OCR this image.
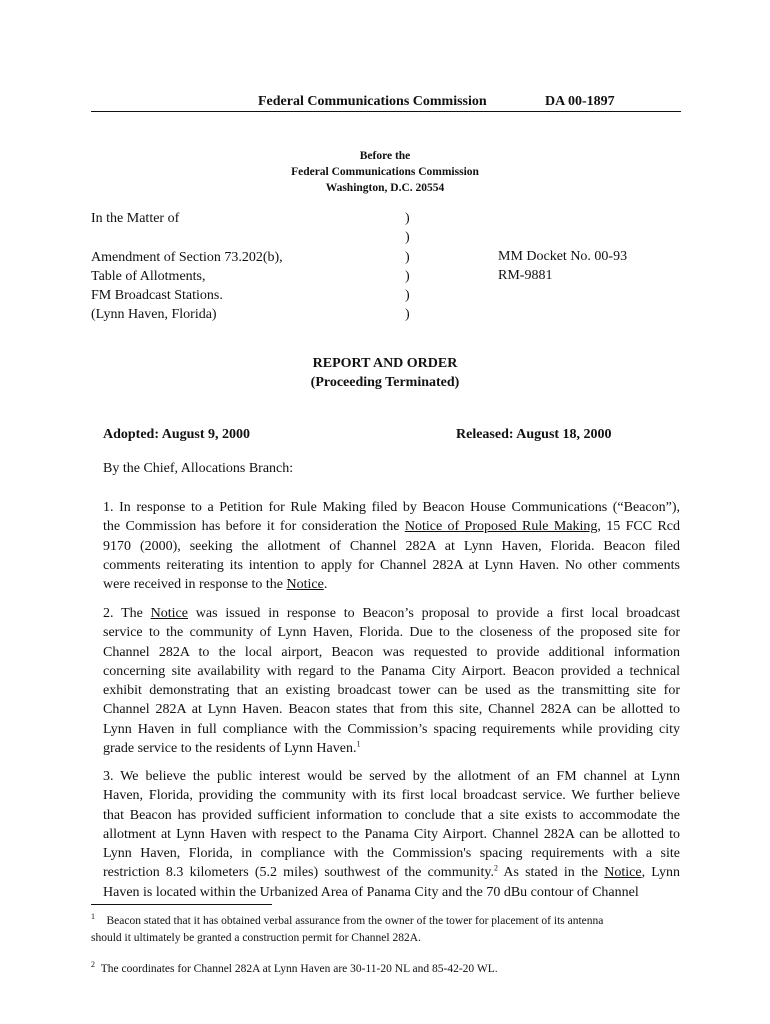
Federal Communications Commission	DA 00-1897
Before the
Federal Communications Commission
Washington, D.C. 20554
In the Matter of
Amendment of Section 73.202(b),
Table of Allotments,
FM Broadcast Stations.
(Lynn Haven, Florida)
)
)
)
)
)
)
MM Docket No. 00-93
RM-9881
REPORT AND ORDER
(Proceeding Terminated)
Adopted: August 9, 2000	Released: August 18, 2000
By the Chief, Allocations Branch:
1. In response to a Petition for Rule Making filed by Beacon House Communications (“Beacon”),
the Commission has before it for consideration the Notice of Proposed Rule Making, 15 FCC Rcd
9170 (2000), seeking the allotment of Channel 282A at Lynn Haven, Florida. Beacon filed
comments reiterating its intention to apply for Channel 282A at Lynn Haven. No other comments
were received in response to the Notice.
2. The Notice was issued in response to Beacon’s proposal to provide a first local broadcast
service to the community of Lynn Haven, Florida. Due to the closeness of the proposed site for
Channel 282A to the local airport, Beacon was requested to provide additional information
concerning site availability with regard to the Panama City Airport. Beacon provided a technical
exhibit demonstrating that an existing broadcast tower can be used as the transmitting site for
Channel 282A at Lynn Haven. Beacon states that from this site, Channel 282A can be allotted to
Lynn Haven in full compliance with the Commission’s spacing requirements while providing city
grade service to the residents of Lynn Haven.$^1$
3. We believe the public interest would be served by the allotment of an FM channel at Lynn
Haven, Florida, providing the community with its first local broadcast service. We further believe
that Beacon has provided sufficient information to conclude that a site exists to accommodate the
allotment at Lynn Haven with respect to the Panama City Airport. Channel 282A can be allotted to
Lynn Haven, Florida, in compliance with the Commission's spacing requirements with a site
restriction 8.3 kilometers (5.2 miles) southwest of the community.$^2$ As stated in the Notice, Lynn
Haven is located within the Urbanized Area of Panama City and the 70 dBu contour of Channel
$^1$ Beacon stated that it has obtained verbal assurance from the owner of the tower for placement of its antenna
should it ultimately be granted a construction permit for Channel 282A.
$^2$ The coordinates for Channel 282A at Lynn Haven are 30-11-20 NL and 85-42-20 WL.
